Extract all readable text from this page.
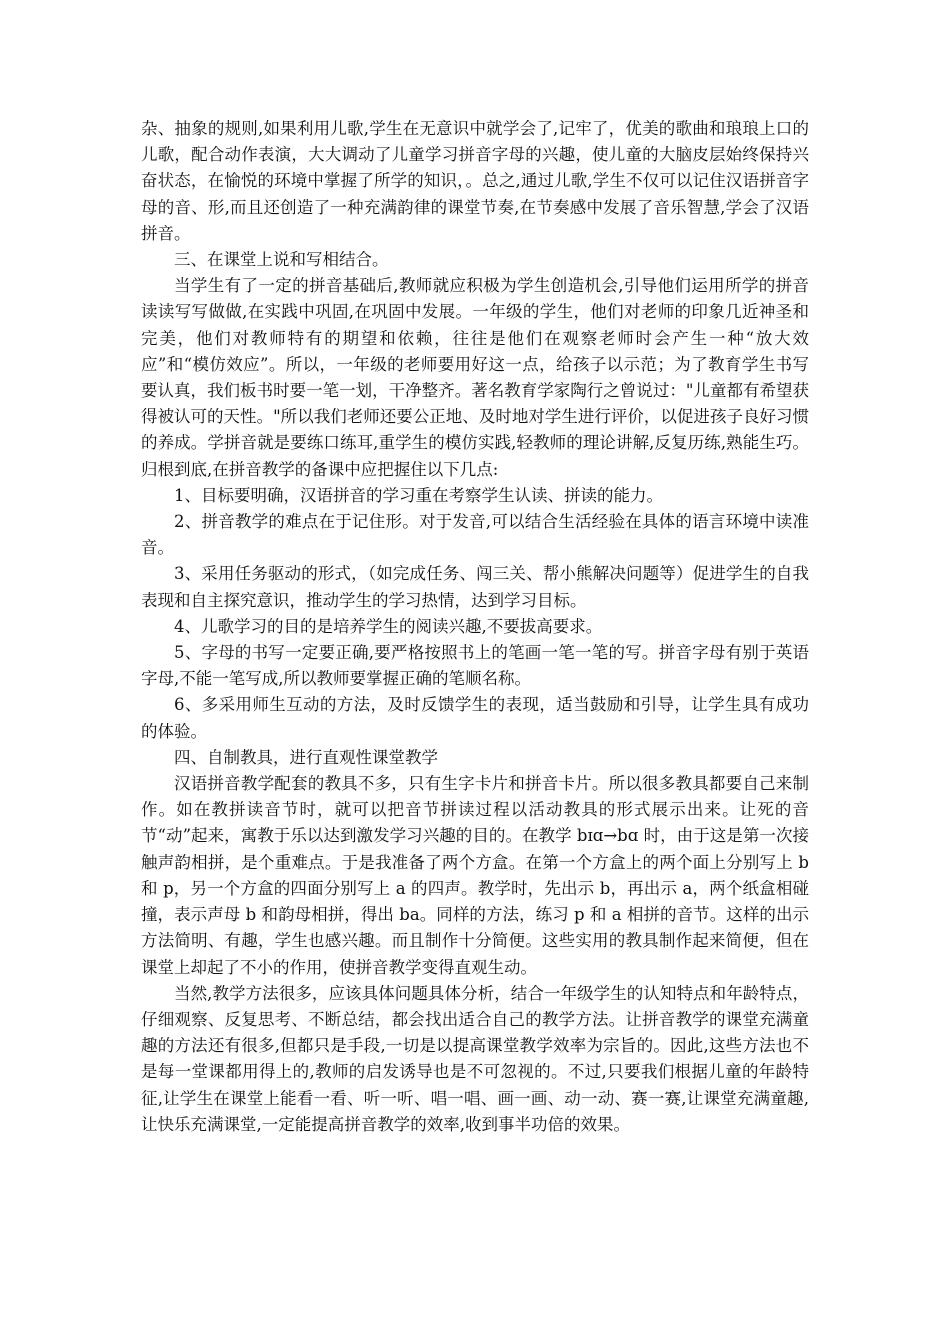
杂、抽象的规则,如果利用儿歌,学生在无意识中就学会了,记牢了，优美的歌曲和琅琅上口的儿歌，配合动作表演，大大调动了儿童学习拼音字母的兴趣，使儿童的大脑皮层始终保持兴奋状态，在愉悦的环境中掌握了所学的知识，。总之,通过儿歌,学生不仅可以记住汉语拼音字母的音、形,而且还创造了一种充满韵律的课堂节奏,在节奏感中发展了音乐智慧,学会了汉语拼音。

三、在课堂上说和写相结合。

当学生有了一定的拼音基础后,教师就应积极为学生创造机会,引导他们运用所学的拼音读读写写做做,在实践中巩固,在巩固中发展。一年级的学生，他们对老师的印象几近神圣和完美，他们对教师特有的期望和依赖，往往是他们在观察老师时会产生一种“放大效应”和“模仿效应”。所以，一年级的老师要用好这一点，给孩子以示范；为了教育学生书写要认真，我们板书时要一笔一划，干净整齐。著名教育学家陶行之曾说过："儿童都有希望获得被认可的天性。"所以我们老师还要公正地、及时地对学生进行评价，以促进孩子良好习惯的养成。学拼音就是要练口练耳,重学生的模仿实践,轻教师的理论讲解,反复历练,熟能生巧。归根到底,在拼音教学的备课中应把握住以下几点:

1、目标要明确，汉语拼音的学习重在考察学生认读、拼读的能力。

2、拼音教学的难点在于记住形。对于发音,可以结合生活经验在具体的语言环境中读准音。

3、采用任务驱动的形式，（如完成任务、闯三关、帮小熊解决问题等）促进学生的自我表现和自主探究意识，推动学生的学习热情，达到学习目标。

4、儿歌学习的目的是培养学生的阅读兴趣,不要拔高要求。

5、字母的书写一定要正确,要严格按照书上的笔画一笔一笔的写。拼音字母有别于英语字母,不能一笔写成,所以教师要掌握正确的笔顺名称。

6、多采用师生互动的方法，及时反馈学生的表现，适当鼓励和引导，让学生具有成功的体验。

四、自制教具，进行直观性课堂教学

汉语拼音教学配套的教具不多，只有生字卡片和拼音卡片。所以很多教具都要自己来制作。如在教拼读音节时，就可以把音节拼读过程以活动教具的形式展示出来。让死的音节“动”起来，寓教于乐以达到激发学习兴趣的目的。在教学 bɪɑ→bɑ 时，由于这是第一次接触声韵相拼，是个重难点。于是我准备了两个方盒。在第一个方盒上的两个面上分别写上 b 和 p，另一个方盒的四面分别写上 a 的四声。教学时，先出示 b，再出示 a，两个纸盒相碰撞，表示声母 b 和韵母相拼，得出 ba。同样的方法，练习 p 和 a 相拼的音节。这样的出示方法简明、有趣，学生也感兴趣。而且制作十分简便。这些实用的教具制作起来简便，但在课堂上却起了不小的作用，使拼音教学变得直观生动。

当然,教学方法很多，应该具体问题具体分析，结合一年级学生的认知特点和年龄特点，仔细观察、反复思考、不断总结，都会找出适合自己的教学方法。让拼音教学的课堂充满童趣的方法还有很多,但都只是手段,一切是以提高课堂教学效率为宗旨的。因此,这些方法也不是每一堂课都用得上的,教师的启发诱导也是不可忽视的。不过,只要我们根据儿童的年龄特征,让学生在课堂上能看一看、听一听、唱一唱、画一画、动一动、赛一赛,让课堂充满童趣,让快乐充满课堂,一定能提高拼音教学的效率,收到事半功倍的效果。
